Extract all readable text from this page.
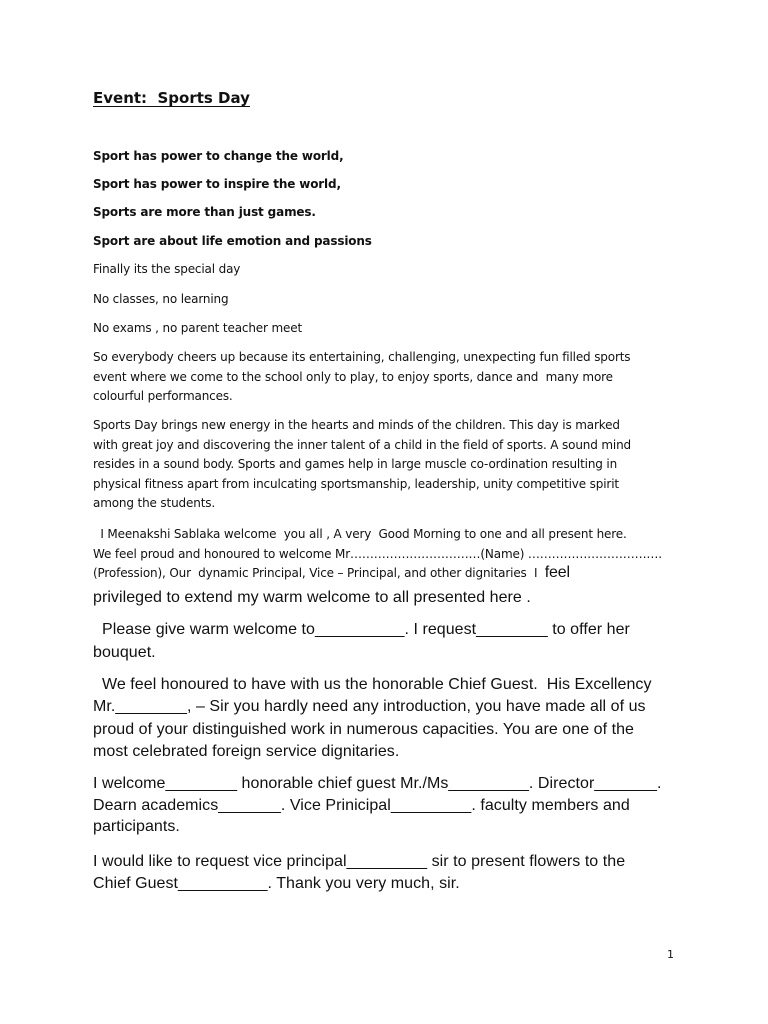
Event:  Sports Day

Sport has power to change the world,

Sport has power to inspire the world,

Sports are more than just games.

Sport are about life emotion and passions

Finally its the special day

No classes, no learning

No exams , no parent teacher meet

So everybody cheers up because its entertaining, challenging, unexpecting fun filled sports

event where we come to the school only to play, to enjoy sports, dance and  many more

colourful performances.

Sports Day brings new energy in the hearts and minds of the children. This day is marked

with great joy and discovering the inner talent of a child in the field of sports. A sound mind

resides in a sound body. Sports and games help in large muscle co-ordination resulting in

physical fitness apart from inculcating sportsmanship, leadership, unity competitive spirit

among the students.

I Meenakshi Sablaka welcome  you all , A very  Good Morning to one and all present here.

We feel proud and honoured to welcome Mr……………………………(Name) …………………………….

(Profession), Our  dynamic Principal, Vice – Principal, and other dignitaries  I  feel

privileged to extend my warm welcome to all presented here .

Please give warm welcome to__________. I request________ to offer her

bouquet.

We feel honoured to have with us the honorable Chief Guest.  His Excellency

Mr.________, – Sir you hardly need any introduction, you have made all of us

proud of your distinguished work in numerous capacities. You are one of the

most celebrated foreign service dignitaries.

I welcome________ honorable chief guest Mr./Ms_________. Director_______.

Dearn academics_______. Vice Prinicipal_________. faculty members and

participants.

I would like to request vice principal_________ sir to present flowers to the

Chief Guest__________. Thank you very much, sir.

1
